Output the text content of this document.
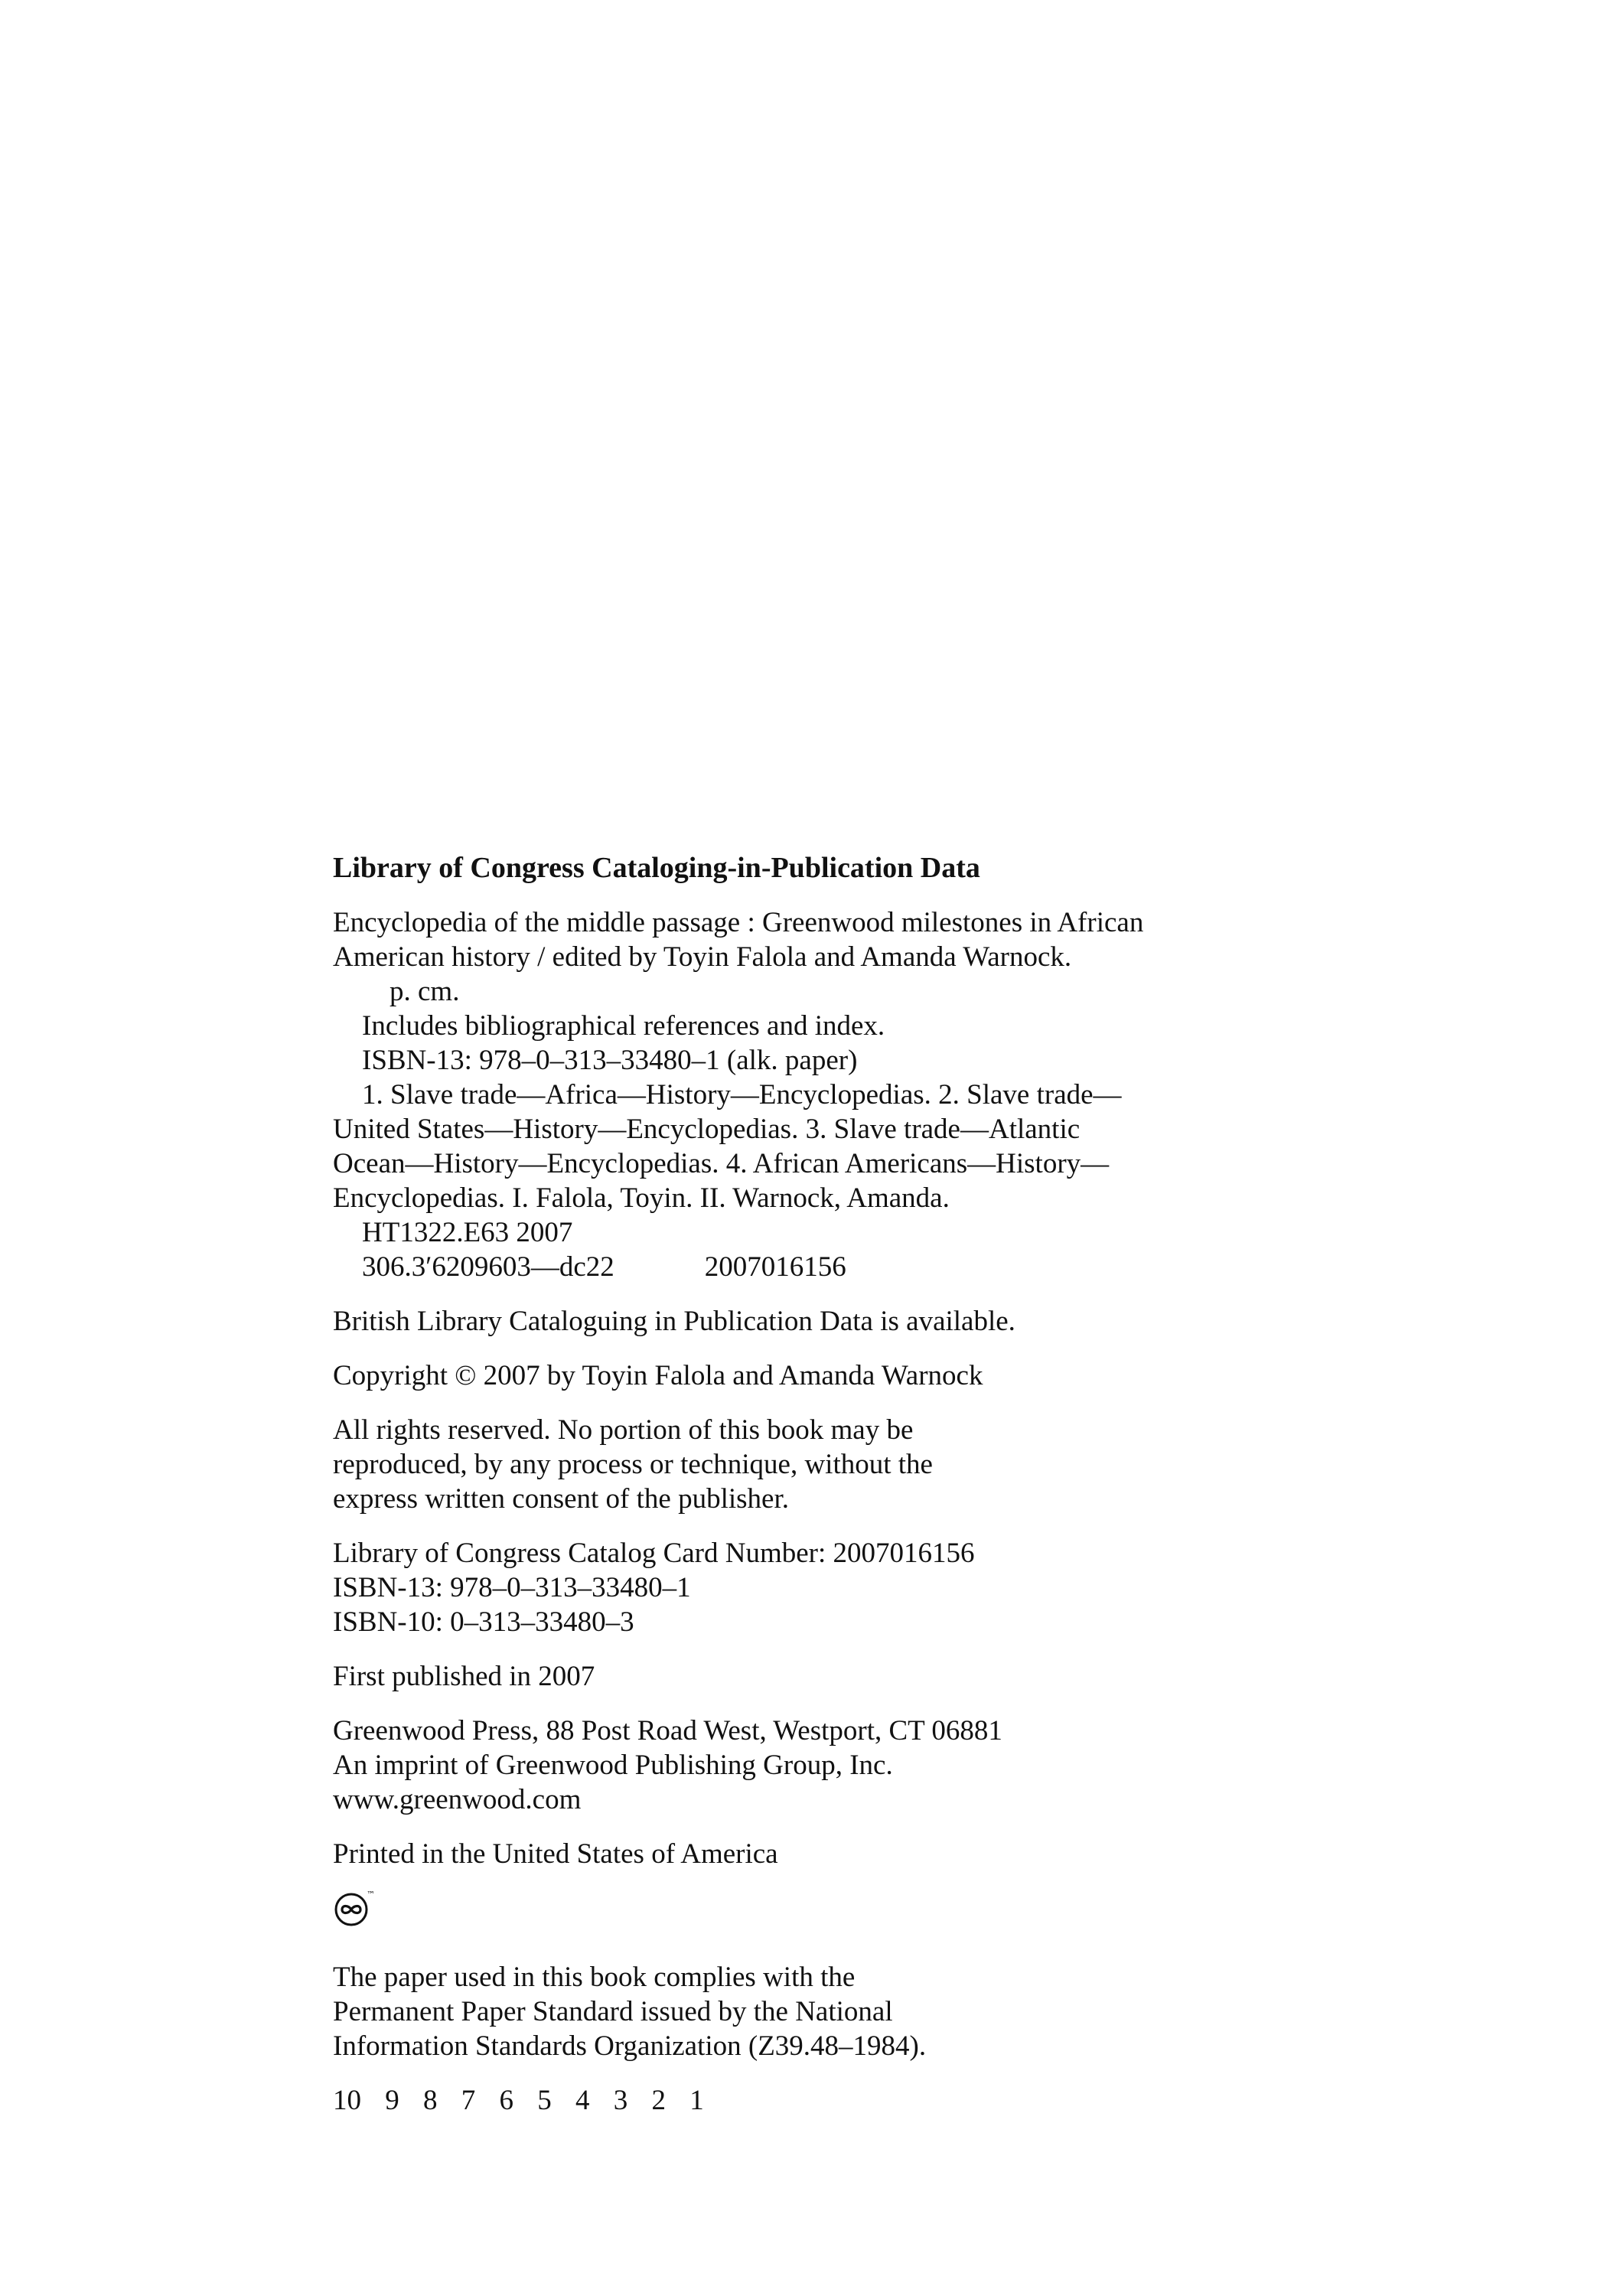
Library of Congress Cataloging-in-Publication Data
Encyclopedia of the middle passage : Greenwood milestones in African
American history / edited by Toyin Falola and Amanda Warnock.
p. cm.
Includes bibliographical references and index.
ISBN-13: 978–0–313–33480–1 (alk. paper)
1. Slave trade—Africa—History—Encyclopedias. 2. Slave trade—
United States—History—Encyclopedias. 3. Slave trade—Atlantic
Ocean—History—Encyclopedias. 4. African Americans—History—
Encyclopedias. I. Falola, Toyin. II. Warnock, Amanda.
HT1322.E63 2007
306.3′6209603—dc22	2007016156
British Library Cataloguing in Publication Data is available.
Copyright © 2007 by Toyin Falola and Amanda Warnock
All rights reserved. No portion of this book may be
reproduced, by any process or technique, without the
express written consent of the publisher.
Library of Congress Catalog Card Number: 2007016156
ISBN-13: 978–0–313–33480–1
ISBN-10: 0–313–33480–3
First published in 2007
Greenwood Press, 88 Post Road West, Westport, CT 06881
An imprint of Greenwood Publishing Group, Inc.
www.greenwood.com
Printed in the United States of America
™
The paper used in this book complies with the
Permanent Paper Standard issued by the National
Information Standards Organization (Z39.48–1984).
10 9 8 7 6 5 4 3 2 1
